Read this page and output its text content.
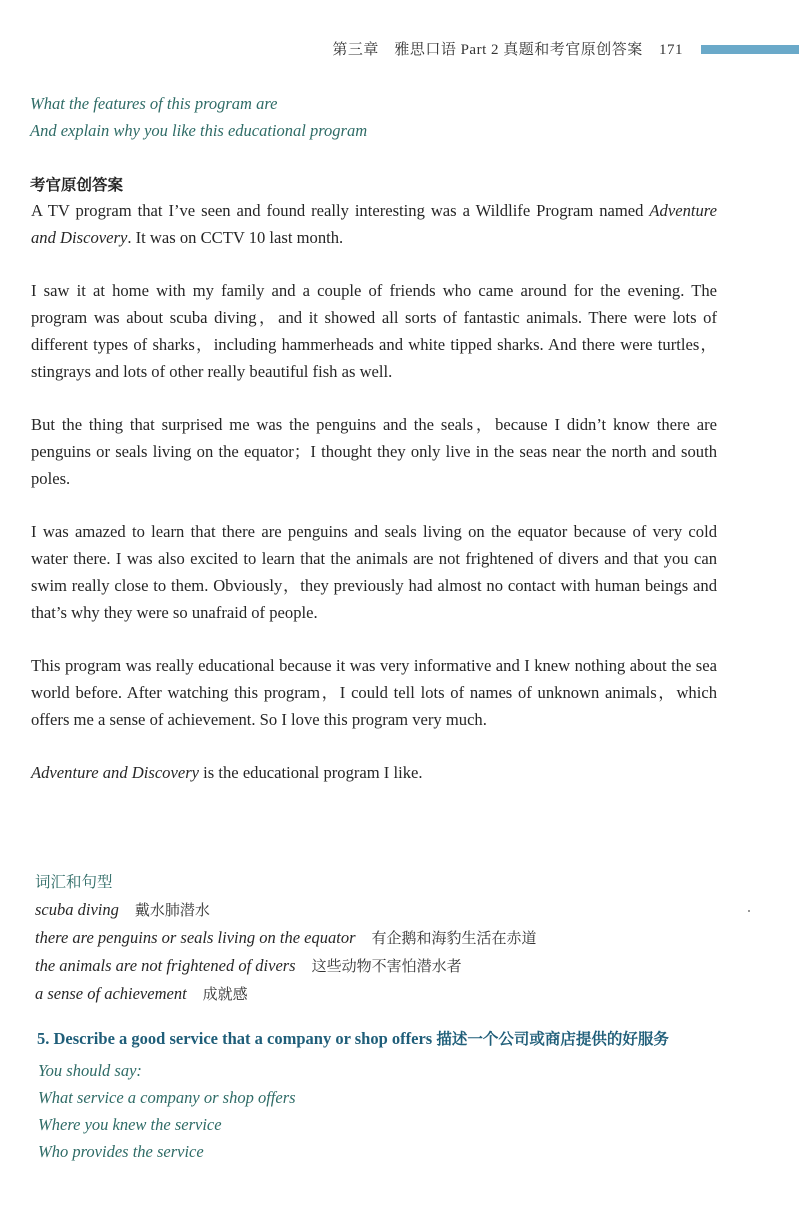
第三章　雅思口语 Part 2 真题和考官原创答案 171
What the features of this program are
And explain why you like this educational program
考官原创答案

A TV program that I’ve seen and found really interesting was a Wildlife Program named Adventure and Discovery. It was on CCTV 10 last month.

I saw it at home with my family and a couple of friends who came around for the evening. The program was about scuba diving，and it showed all sorts of fantastic animals. There were lots of different types of sharks，including hammerheads and white tipped sharks. And there were turtles，stingrays and lots of other really beautiful fish as well.

But the thing that surprised me was the penguins and the seals，because I didn’t know there are penguins or seals living on the equator；I thought they only live in the seas near the north and south poles.

I was amazed to learn that there are penguins and seals living on the equator because of very cold water there. I was also excited to learn that the animals are not frightened of divers and that you can swim really close to them. Obviously，they previously had almost no contact with human beings and that’s why they were so unafraid of people.

This program was really educational because it was very informative and I knew nothing about the sea world before. After watching this program，I could tell lots of names of unknown animals，which offers me a sense of achievement. So I love this program very much.

Adventure and Discovery is the educational program I like.

词汇和句型
scuba diving 戴水肺潜水
there are penguins or seals living on the equator 有企鹅和海豹生活在赤道
the animals are not frightened of divers 这些动物不害怕潜水者
a sense of achievement 成就感
5. Describe a good service that a company or shop offers 描述一个公司或商店提供的好服务
You should say:
What service a company or shop offers
Where you knew the service
Who provides the service
